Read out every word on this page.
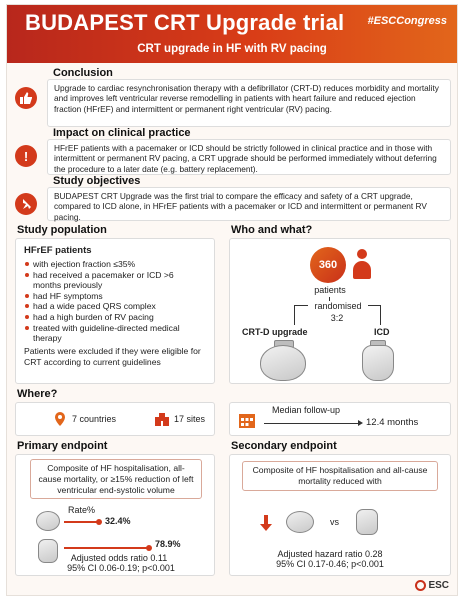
BUDAPEST CRT Upgrade trial #ESCCongress
CRT upgrade in HF with RV pacing
Conclusion
Upgrade to cardiac resynchronisation therapy with a defibrillator (CRT-D) reduces morbidity and mortality and improves left ventricular reverse remodelling in patients with heart failure and reduced ejection fraction (HFrEF) and intermittent or permanent right ventricular (RV) pacing.
!
Impact on clinical practice
HFrEF patients with a pacemaker or ICD should be strictly followed in clinical practice and in those with intermittent or permanent RV pacing, a CRT upgrade should be performed immediately without deferring the procedure to a later date (e.g. battery replacement).
Study objectives
BUDAPEST CRT Upgrade was the first trial to compare the efficacy and safety of a CRT upgrade, compared to ICD alone, in HFrEF patients with a pacemaker or ICD and intermittent or permanent RV pacing.
Study population
HFrEF patients
with ejection fraction ≤35%
had received a pacemaker or ICD >6 months previously
had HF symptoms
had a wide paced QRS complex
had a high burden of RV pacing
treated with guideline-directed medical therapy
Patients were excluded if they were eligible for CRT according to current guidelines
Who and what?
360
patients
randomised
3:2
CRT-D upgrade	ICD
Where?
7 countries	17 sites
Median follow-up
12.4 months
Primary endpoint
Composite of HF hospitalisation, all-cause mortality, or ≥15% reduction of left ventricular end-systolic volume
Rate%
32.4%
78.9%
Adjusted odds ratio 0.11
95% CI 0.06-0.19; p<0.001
Secondary endpoint
Composite of HF hospitalisation and all-cause mortality reduced with
vs
Adjusted hazard ratio 0.28
95% CI 0.17-0.46; p<0.001
ESC
